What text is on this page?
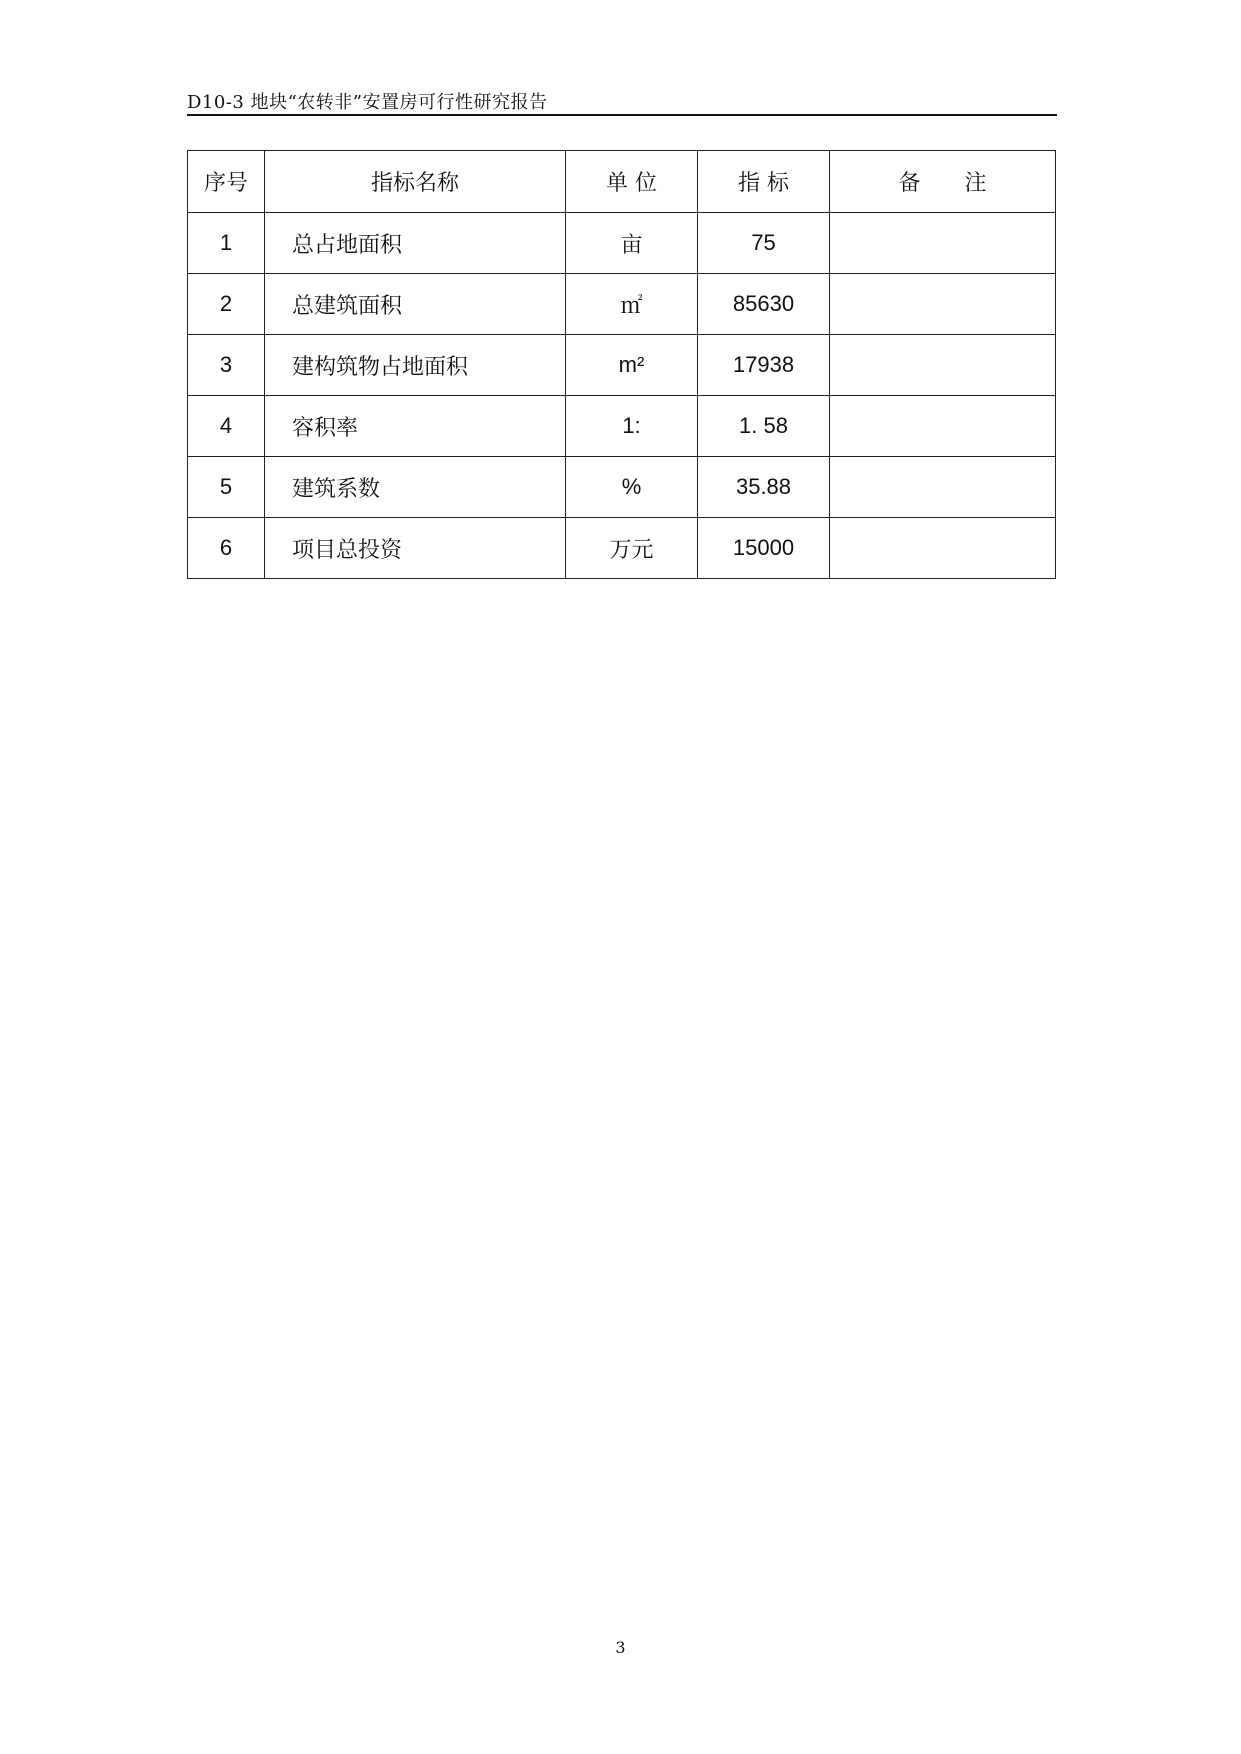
D10-3 地块“农转非”安置房可行性研究报告
序号	指标名称	单 位	指 标	备　　注
1	总占地面积	亩	75	
2	总建筑面积	㎡	85630	
3	建构筑物占地面积	m²	17938	
4	容积率	1:	1. 58	
5	建筑系数	%	35.88	
6	项目总投资	万元	15000	
3
